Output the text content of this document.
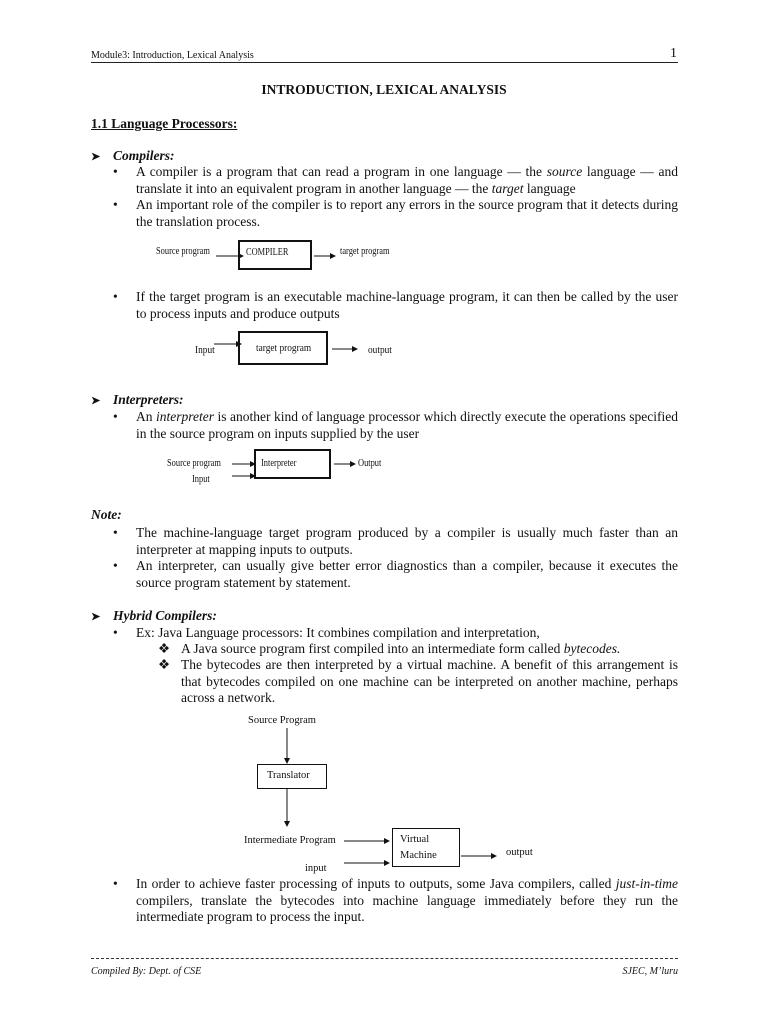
Module3: Introduction, Lexical Analysis	1
INTRODUCTION, LEXICAL ANALYSIS
1.1 Language Processors:
➤ Compilers:
• A compiler is a program that can read a program in one language — the source language — and translate it into an equivalent program in another language — the target language
• An important role of the compiler is to report any errors in the source program that it detects during the translation process.
Source program	COMPILER	target program
• If the target program is an executable machine-language program, it can then be called by the user to process inputs and produce outputs
Input	target program	output
➤ Interpreters:
• An interpreter is another kind of language processor which directly execute the operations specified in the source program on inputs supplied by the user
Source program
Input
Interpreter	Output
Note:
• The machine-language target program produced by a compiler is usually much faster than an interpreter at mapping inputs to outputs.
• An interpreter, can usually give better error diagnostics than a compiler, because it executes the source program statement by statement.
➤ Hybrid Compilers:
• Ex: Java Language processors: It combines compilation and interpretation,
❖ A Java source program first compiled into an intermediate form called bytecodes.
❖ The bytecodes are then interpreted by a virtual machine. A benefit of this arrangement is that bytecodes compiled on one machine can be interpreted on another machine, perhaps across a network.
Source Program
Translator
Intermediate Program	Virtual
Machine	output
input
• In order to achieve faster processing of inputs to outputs, some Java compilers, called just-in-time compilers, translate the bytecodes into machine language immediately before they run the intermediate program to process the input.
Compiled By: Dept. of CSE	SJEC, M’luru
